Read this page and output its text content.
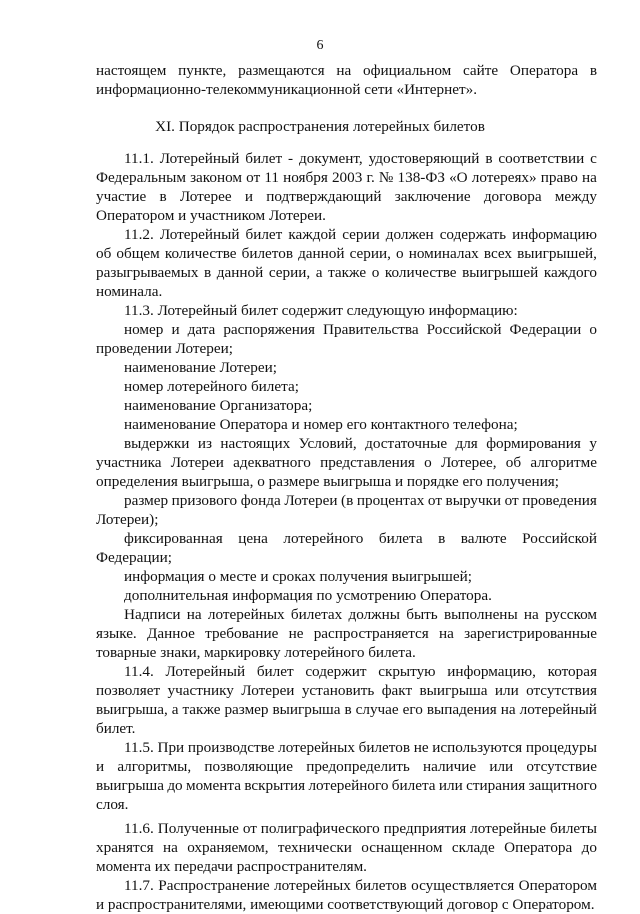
6
настоящем пункте, размещаются на официальном сайте Оператора в
информационно-телекоммуникационной сети «Интернет».
XI. Порядок распространения лотерейных билетов
11.1. Лотерейный билет - документ, удостоверяющий в соответствии с
Федеральным законом от 11 ноября 2003 г. № 138-ФЗ «О лотереях» право на
участие в Лотерее и подтверждающий заключение договора между
Оператором и участником Лотереи.
11.2. Лотерейный билет каждой серии должен содержать информацию
об общем количестве билетов данной серии, о номиналах всех выигрышей,
разыгрываемых в данной серии, а также о количестве выигрышей каждого
номинала.
11.3. Лотерейный билет содержит следующую информацию:
номер и дата распоряжения Правительства Российской Федерации о
проведении Лотереи;
наименование Лотереи;
номер лотерейного билета;
наименование Организатора;
наименование Оператора и номер его контактного телефона;
выдержки из настоящих Условий, достаточные для формирования у
участника Лотереи адекватного представления о Лотерее, об алгоритме
определения выигрыша, о размере выигрыша и порядке его получения;
размер призового фонда Лотереи (в процентах от выручки от проведения
Лотереи);
фиксированная цена лотерейного билета в валюте Российской
Федерации;
информация о месте и сроках получения выигрышей;
дополнительная информация по усмотрению Оператора.
Надписи на лотерейных билетах должны быть выполнены на русском
языке. Данное требование не распространяется на зарегистрированные
товарные знаки, маркировку лотерейного билета.
11.4. Лотерейный билет содержит скрытую информацию, которая
позволяет участнику Лотереи установить факт выигрыша или отсутствия
выигрыша, а также размер выигрыша в случае его выпадения на лотерейный
билет.
11.5. При производстве лотерейных билетов не используются процедуры
и алгоритмы, позволяющие предопределить наличие или отсутствие
выигрыша до момента вскрытия лотерейного билета или стирания защитного
слоя.
11.6. Полученные от полиграфического предприятия лотерейные билеты
хранятся на охраняемом, технически оснащенном складе Оператора до
момента их передачи распространителям.
11.7. Распространение лотерейных билетов осуществляется Оператором
и распространителями, имеющими соответствующий договор с Оператором.
